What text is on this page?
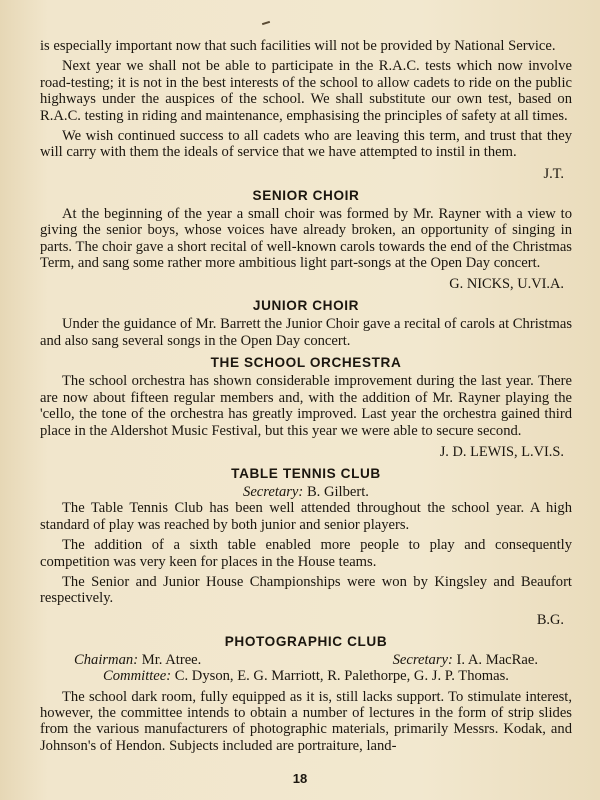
is especially important now that such facilities will not be provided by National Service.

Next year we shall not be able to participate in the R.A.C. tests which now involve road-testing; it is not in the best interests of the school to allow cadets to ride on the public highways under the auspices of the school. We shall substitute our own test, based on R.A.C. testing in riding and maintenance, emphasising the principles of safety at all times.

We wish continued success to all cadets who are leaving this term, and trust that they will carry with them the ideals of service that we have attempted to instil in them.

J.T.
SENIOR CHOIR

At the beginning of the year a small choir was formed by Mr. Rayner with a view to giving the senior boys, whose voices have already broken, an opportunity of singing in parts. The choir gave a short recital of well-known carols towards the end of the Christmas Term, and sang some rather more ambitious light part-songs at the Open Day concert.

G. NICKS, U.VI.A.
JUNIOR CHOIR

Under the guidance of Mr. Barrett the Junior Choir gave a recital of carols at Christmas and also sang several songs in the Open Day concert.

THE SCHOOL ORCHESTRA

The school orchestra has shown considerable improvement during the last year. There are now about fifteen regular members and, with the addition of Mr. Rayner playing the 'cello, the tone of the orchestra has greatly improved. Last year the orchestra gained third place in the Aldershot Music Festival, but this year we were able to secure second.

J. D. LEWIS, L.VI.S.
TABLE TENNIS CLUB
Secretary: B. Gilbert.

The Table Tennis Club has been well attended throughout the school year. A high standard of play was reached by both junior and senior players.

The addition of a sixth table enabled more people to play and consequently competition was very keen for places in the House teams.

The Senior and Junior House Championships were won by Kingsley and Beaufort respectively.

B.G.
PHOTOGRAPHIC CLUB
Chairman: Mr. Atree.	Secretary: I. A. MacRae.
Committee: C. Dyson, E. G. Marriott, R. Palethorpe, G. J. P. Thomas.

The school dark room, fully equipped as it is, still lacks support. To stimulate interest, however, the committee intends to obtain a number of lectures in the form of strip slides from the various manufacturers of photographic materials, primarily Messrs. Kodak, and Johnson's of Hendon. Subjects included are portraiture, land-

18
